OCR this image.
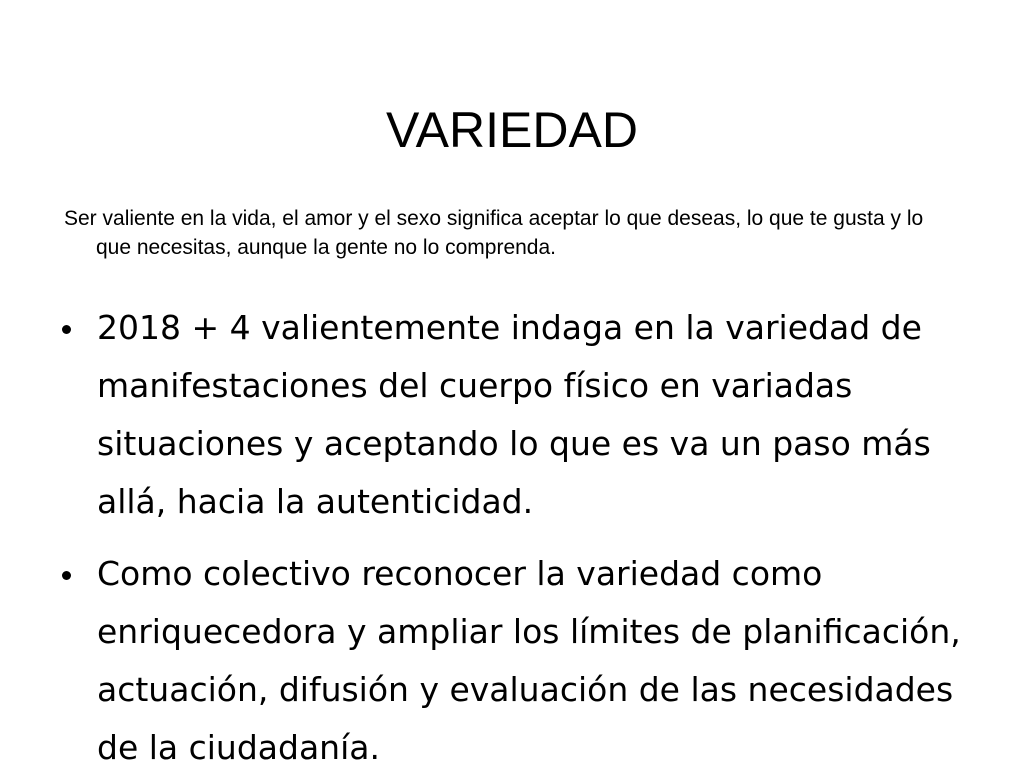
VARIEDAD

Ser valiente en la vida, el amor y el sexo significa aceptar lo que deseas, lo que te gusta y lo que necesitas, aunque la gente no lo comprenda.

2018 + 4 valientemente indaga en la variedad de manifestaciones del cuerpo físico en variadas situaciones y aceptando lo que es va un paso más allá, hacia la autenticidad.
Como colectivo reconocer la variedad como enriquecedora y ampliar los límites de planificación, actuación, difusión y evaluación de las necesidades de la ciudadanía.
